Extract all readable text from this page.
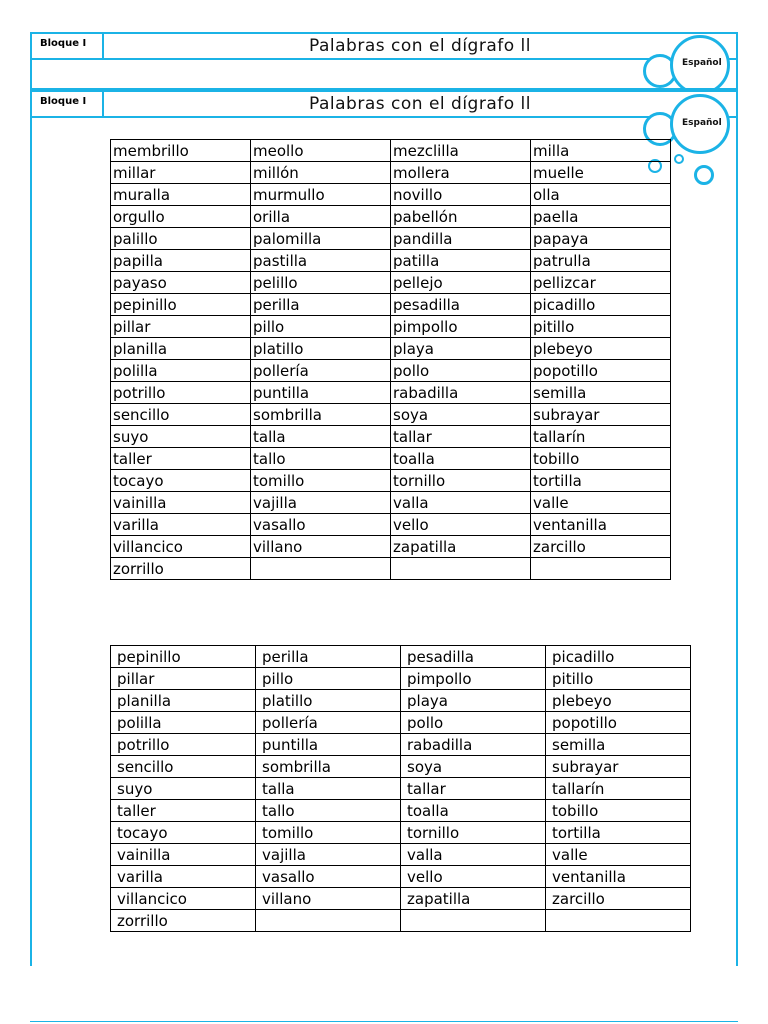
Bloque I	Palabras con el dígrafo ll
Español
Bloque I	Palabras con el dígrafo ll
Español
membrillo	meollo	mezclilla	milla
millar	millón	mollera	muelle
muralla	murmullo	novillo	olla
orgullo	orilla	pabellón	paella
palillo	palomilla	pandilla	papaya
papilla	pastilla	patilla	patrulla
payaso	pelillo	pellejo	pellizcar
pepinillo	perilla	pesadilla	picadillo
pillar	pillo	pimpollo	pitillo
planilla	platillo	playa	plebeyo
polilla	pollería	pollo	popotillo
potrillo	puntilla	rabadilla	semilla
sencillo	sombrilla	soya	subrayar
suyo	talla	tallar	tallarín
taller	tallo	toalla	tobillo
tocayo	tomillo	tornillo	tortilla
vainilla	vajilla	valla	valle
varilla	vasallo	vello	ventanilla
villancico	villano	zapatilla	zarcillo
zorrillo			
pepinillo	perilla	pesadilla	picadillo
pillar	pillo	pimpollo	pitillo
planilla	platillo	playa	plebeyo
polilla	pollería	pollo	popotillo
potrillo	puntilla	rabadilla	semilla
sencillo	sombrilla	soya	subrayar
suyo	talla	tallar	tallarín
taller	tallo	toalla	tobillo
tocayo	tomillo	tornillo	tortilla
vainilla	vajilla	valla	valle
varilla	vasallo	vello	ventanilla
villancico	villano	zapatilla	zarcillo
zorrillo			
